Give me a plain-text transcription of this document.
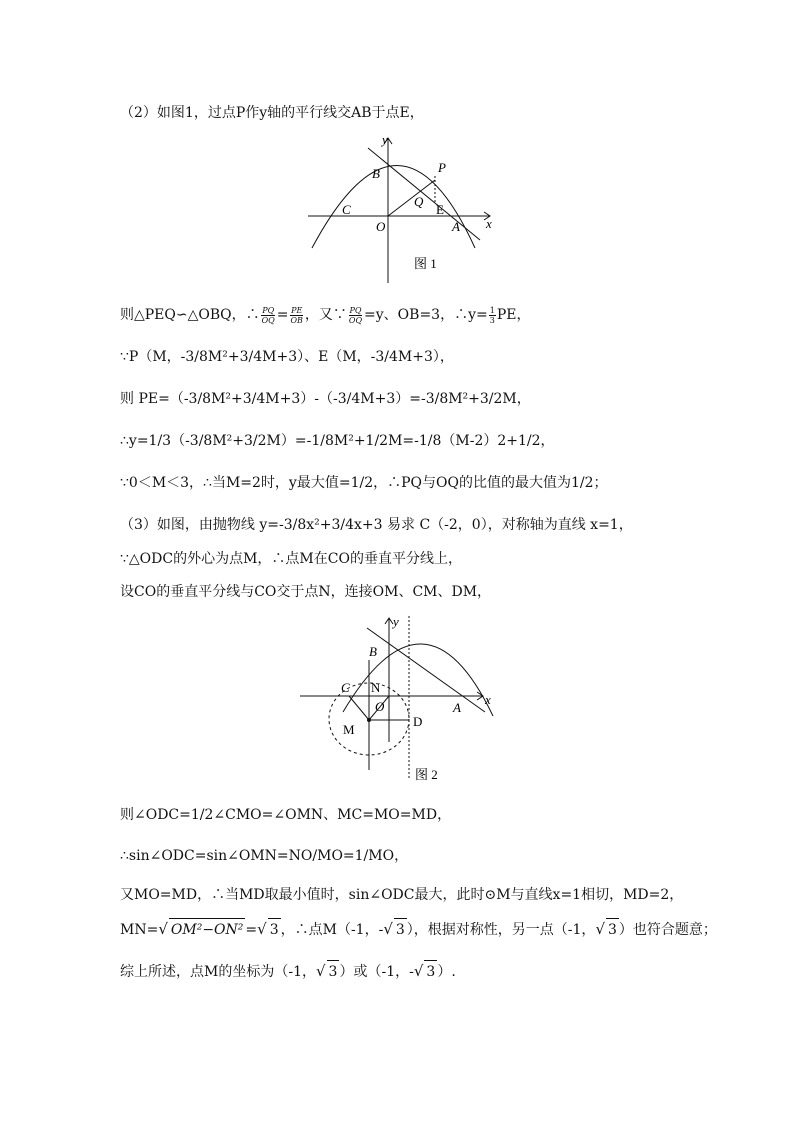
（2）如图1，过点P作y轴的平行线交AB于点E，
y
x
B	P
Q
E
C
O	A
图 1
则△PEQ∽△OBQ，∴ $\frac{PQ}{OQ} = \frac{PE}{OB}$ ，又∵ $\frac{PQ}{OQ} =y$、OB=3，∴y= $\frac{1}{3}$ PE，
∵P（M，-3/8M²+3/4M+3）、E（M，-3/4M+3），
则 PE=（-3/8M²+3/4M+3）-（-3/4M+3）=-3/8M²+3/2M，
∴y=1/3（-3/8M²+3/2M）=-1/8M²+1/2M=-1/8（M-2）2+1/2，
∵0＜M＜3，∴当M=2时，y最大值=1/2，∴PQ与OQ的比值的最大值为1/2；
（3）如图，由抛物线 y=-3/8x²+3/4x+3 易求 C（-2，0），对称轴为直线 x=1，
∵△ODC的外心为点M，∴点M在CO的垂直平分线上，
设CO的垂直平分线与CO交于点N，连接OM、CM、DM，
y
x
B
C N
O
M
D
A
图 2
则∠ODC=1/2∠CMO=∠OMN、MC=MO=MD，
∴sin∠ODC=sin∠OMN=NO/MO=1/MO，
又MO=MD，∴当MD取最小值时，sin∠ODC最大，此时⊙M与直线x=1相切，MD=2，
MN=√ OM²−ON² =√ 3 ，∴点M（-1，-√ 3 ），根据对称性，另一点（-1，√ 3 ）也符合题意；
综上所述，点M的坐标为（-1，√ 3 ）或（-1，-√ 3 ）.
